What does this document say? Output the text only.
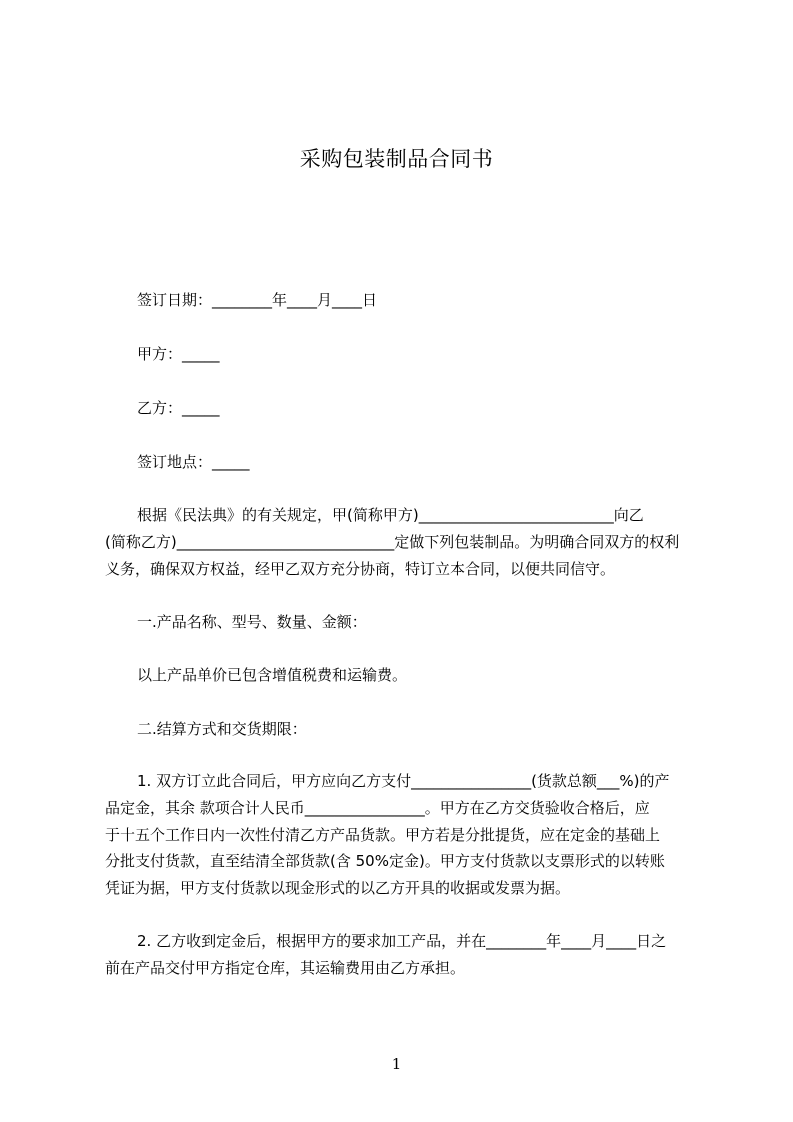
采购包装制品合同书

签订日期：________年____月____日

甲方：_____

乙方：_____

签订地点：_____

根据《民法典》的有关规定，甲(简称甲方)__________________________向乙

(简称乙方)_____________________________定做下列包装制品。为明确合同双方的权利

义务，确保双方权益，经甲乙双方充分协商，特订立本合同，以便共同信守。

一.产品名称、型号、数量、金额：

以上产品单价已包含增值税费和运输费。

二.结算方式和交货期限：

1. 双方订立此合同后，甲方应向乙方支付________________(货款总额___%)的产

品定金，其余 款项合计人民币________________。甲方在乙方交货验收合格后，应

于十五个工作日内一次性付清乙方产品货款。甲方若是分批提货，应在定金的基础上

分批支付货款，直至结清全部货款(含 50%定金)。甲方支付货款以支票形式的以转账

凭证为据，甲方支付货款以现金形式的以乙方开具的收据或发票为据。

2. 乙方收到定金后，根据甲方的要求加工产品，并在________年____月____日之

前在产品交付甲方指定仓库，其运输费用由乙方承担。

1
